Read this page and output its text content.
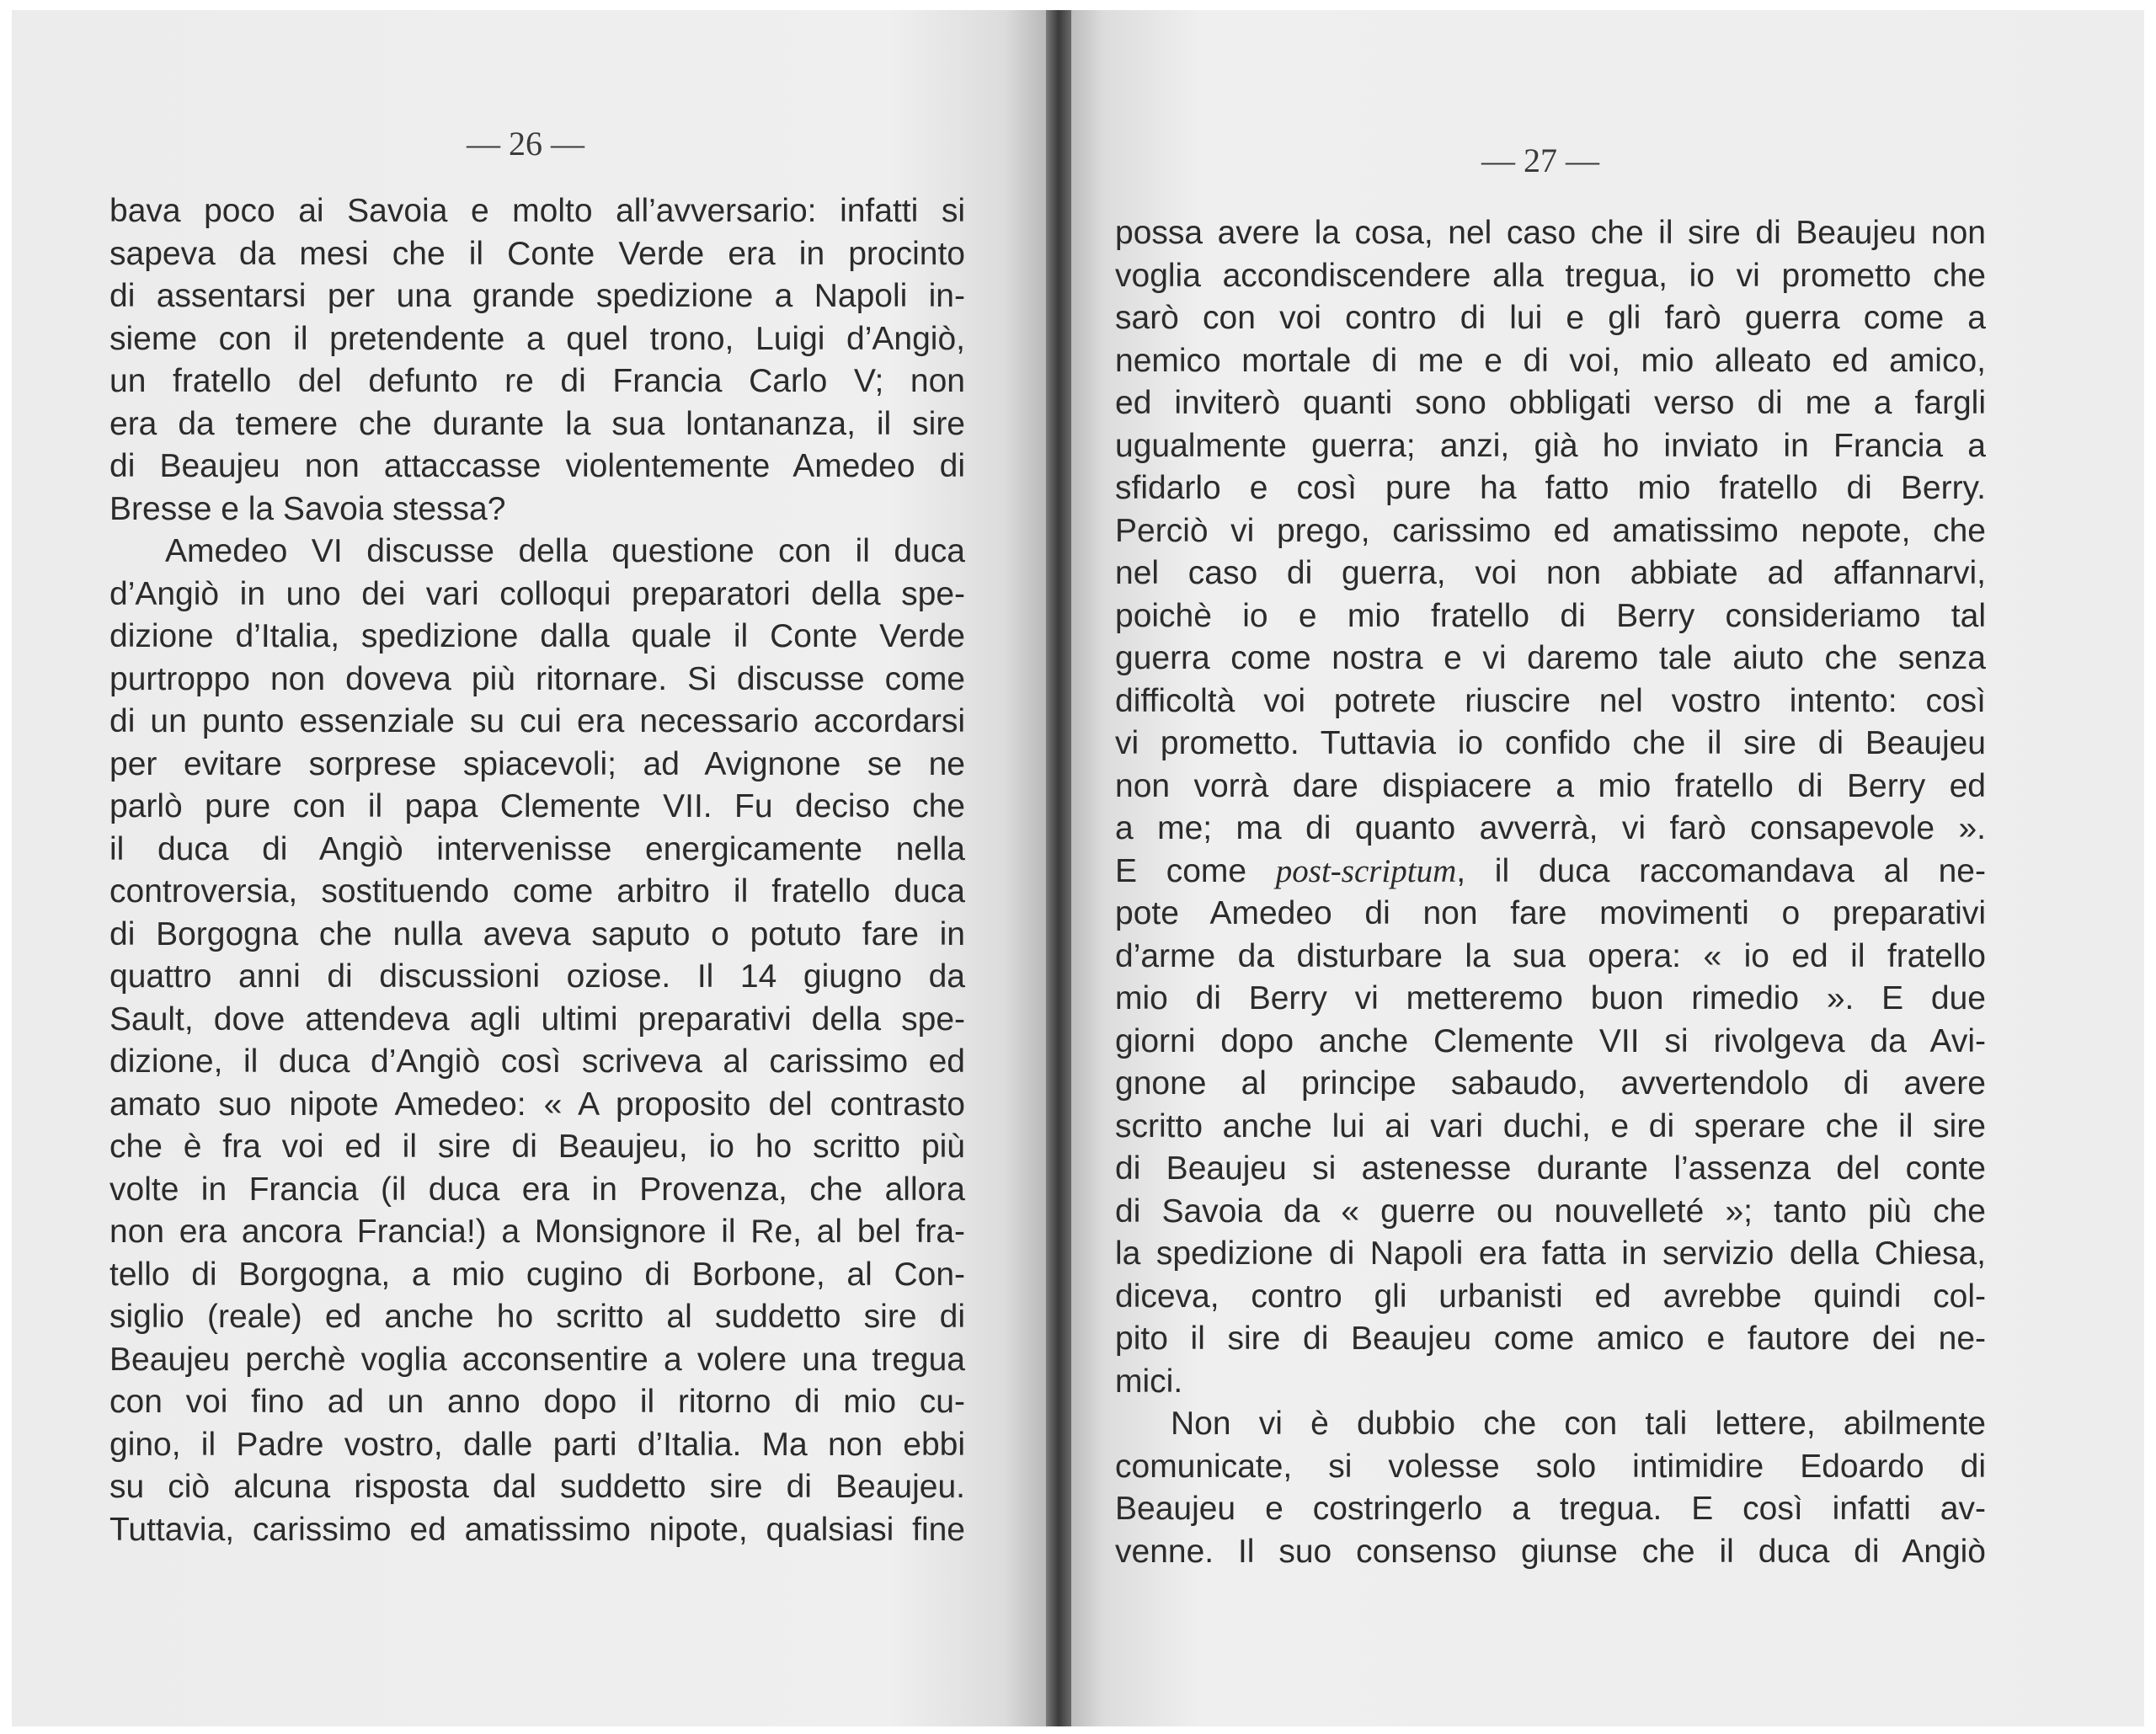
— 26 —	— 27 —
bava poco ai Savoia e molto all’avversario: infatti si
sapeva da mesi che il Conte Verde era in procinto
di assentarsi per una grande spedizione a Napoli in-
sieme con il pretendente a quel trono, Luigi d’Angiò,
un fratello del defunto re di Francia Carlo V; non
era da temere che durante la sua lontananza, il sire
di Beaujeu non attaccasse violentemente Amedeo di
Bresse e la Savoia stessa?
Amedeo VI discusse della questione con il duca
d’Angiò in uno dei vari colloqui preparatori della spe-
dizione d’Italia, spedizione dalla quale il Conte Verde
purtroppo non doveva più ritornare. Si discusse come
di un punto essenziale su cui era necessario accordarsi
per evitare sorprese spiacevoli; ad Avignone se ne
parlò pure con il papa Clemente VII. Fu deciso che
il duca di Angiò intervenisse energicamente nella
controversia, sostituendo come arbitro il fratello duca
di Borgogna che nulla aveva saputo o potuto fare in
quattro anni di discussioni oziose. Il 14 giugno da
Sault, dove attendeva agli ultimi preparativi della spe-
dizione, il duca d’Angiò così scriveva al carissimo ed
amato suo nipote Amedeo: « A proposito del contrasto
che è fra voi ed il sire di Beaujeu, io ho scritto più
volte in Francia (il duca era in Provenza, che allora
non era ancora Francia!) a Monsignore il Re, al bel fra-
tello di Borgogna, a mio cugino di Borbone, al Con-
siglio (reale) ed anche ho scritto al suddetto sire di
Beaujeu perchè voglia acconsentire a volere una tregua
con voi fino ad un anno dopo il ritorno di mio cu-
gino, il Padre vostro, dalle parti d’Italia. Ma non ebbi
su ciò alcuna risposta dal suddetto sire di Beaujeu.
Tuttavia, carissimo ed amatissimo nipote, qualsiasi fine
possa avere la cosa, nel caso che il sire di Beaujeu non
voglia accondiscendere alla tregua, io vi prometto che
sarò con voi contro di lui e gli farò guerra come a
nemico mortale di me e di voi, mio alleato ed amico,
ed inviterò quanti sono obbligati verso di me a fargli
ugualmente guerra; anzi, già ho inviato in Francia a
sfidarlo e così pure ha fatto mio fratello di Berry.
Perciò vi prego, carissimo ed amatissimo nepote, che
nel caso di guerra, voi non abbiate ad affannarvi,
poichè io e mio fratello di Berry consideriamo tal
guerra come nostra e vi daremo tale aiuto che senza
difficoltà voi potrete riuscire nel vostro intento: così
vi prometto. Tuttavia io confido che il sire di Beaujeu
non vorrà dare dispiacere a mio fratello di Berry ed
a me; ma di quanto avverrà, vi farò consapevole ».
E come post-scriptum, il duca raccomandava al ne-
pote Amedeo di non fare movimenti o preparativi
d’arme da disturbare la sua opera: « io ed il fratello
mio di Berry vi metteremo buon rimedio ». E due
giorni dopo anche Clemente VII si rivolgeva da Avi-
gnone al principe sabaudo, avvertendolo di avere
scritto anche lui ai vari duchi, e di sperare che il sire
di Beaujeu si astenesse durante l’assenza del conte
di Savoia da « guerre ou nouvelleté »; tanto più che
la spedizione di Napoli era fatta in servizio della Chiesa,
diceva, contro gli urbanisti ed avrebbe quindi col-
pito il sire di Beaujeu come amico e fautore dei ne-
mici.
Non vi è dubbio che con tali lettere, abilmente
comunicate, si volesse solo intimidire Edoardo di
Beaujeu e costringerlo a tregua. E così infatti av-
venne. Il suo consenso giunse che il duca di Angiò
